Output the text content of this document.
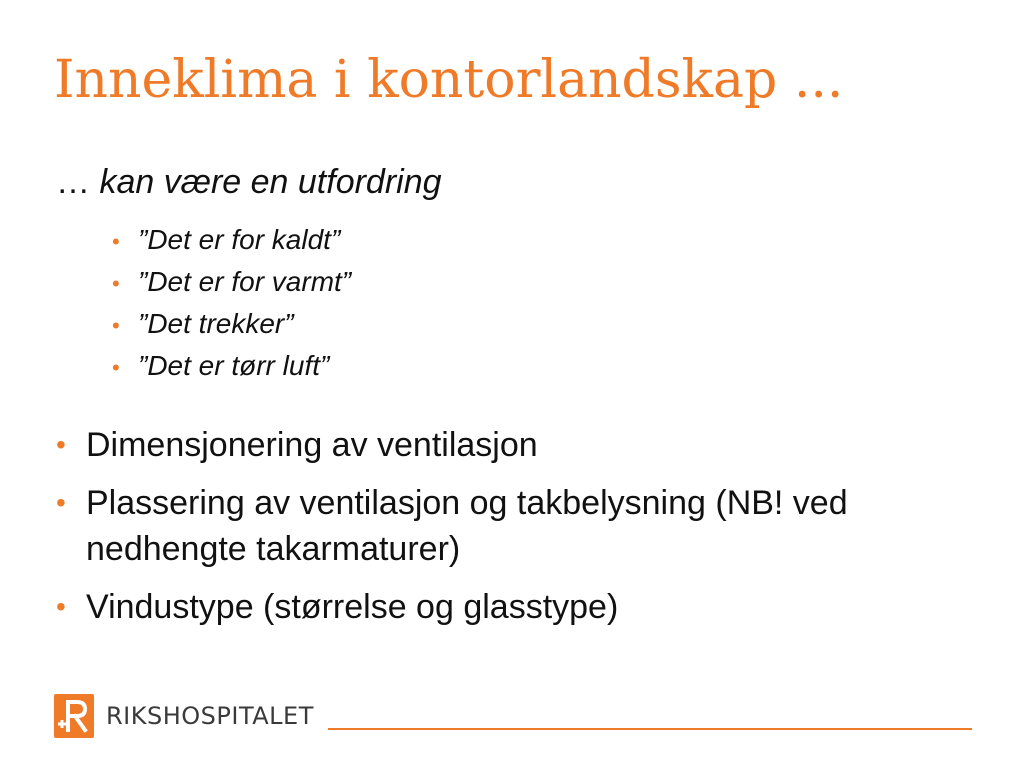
Inneklima i kontorlandskap ...
… kan være en utfordring
• ”Det er for kaldt”
• ”Det er for varmt”
• ”Det trekker”
• ”Det er tørr luft”
• Dimensjonering av ventilasjon
• Plassering av ventilasjon og takbelysning (NB! ved nedhengte takarmaturer)
• Vindustype (størrelse og glasstype)
RIKSHOSPITALET
